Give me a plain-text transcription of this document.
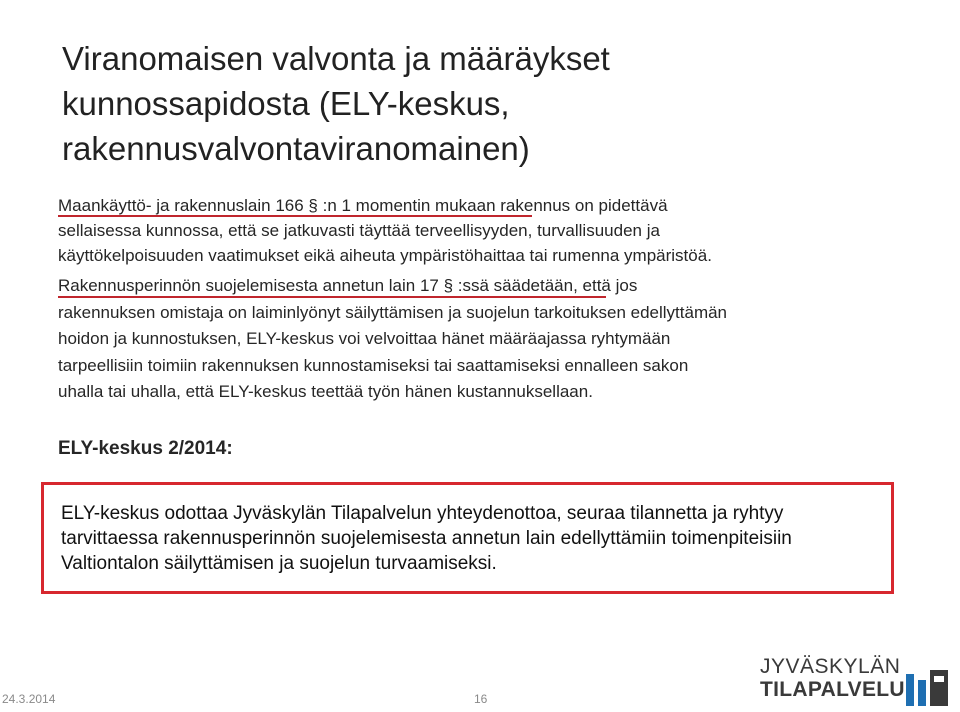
Viranomaisen valvonta ja määräykset
kunnossapidosta (ELY-keskus,
rakennusvalvontaviranomainen)

Maankäyttö- ja rakennuslain 166 § :n 1 momentin mukaan rakennus on pidettävä
sellaisessa kunnossa, että se jatkuvasti täyttää terveellisyyden, turvallisuuden ja
käyttökelpoisuuden vaatimukset eikä aiheuta ympäristöhaittaa tai rumenna ympäristöä.

Rakennusperinnön suojelemisesta annetun lain 17 § :ssä säädetään, että jos
rakennuksen omistaja on laiminlyönyt säilyttämisen ja suojelun tarkoituksen edellyttämän
hoidon ja kunnostuksen, ELY-keskus voi velvoittaa hänet määräajassa ryhtymään
tarpeellisiin toimiin rakennuksen kunnostamiseksi tai saattamiseksi ennalleen sakon
uhalla tai uhalla, että ELY-keskus teettää työn hänen kustannuksellaan.

ELY-keskus 2/2014:

ELY-keskus odottaa Jyväskylän Tilapalvelun yhteydenottoa, seuraa tilannetta ja ryhtyy
tarvittaessa rakennusperinnön suojelemisesta annetun lain edellyttämiin toimenpiteisiin
Valtiontalon säilyttämisen ja suojelun turvaamiseksi.

24.3.2014	16
JYVÄSKYLÄN
TILAPALVELU
